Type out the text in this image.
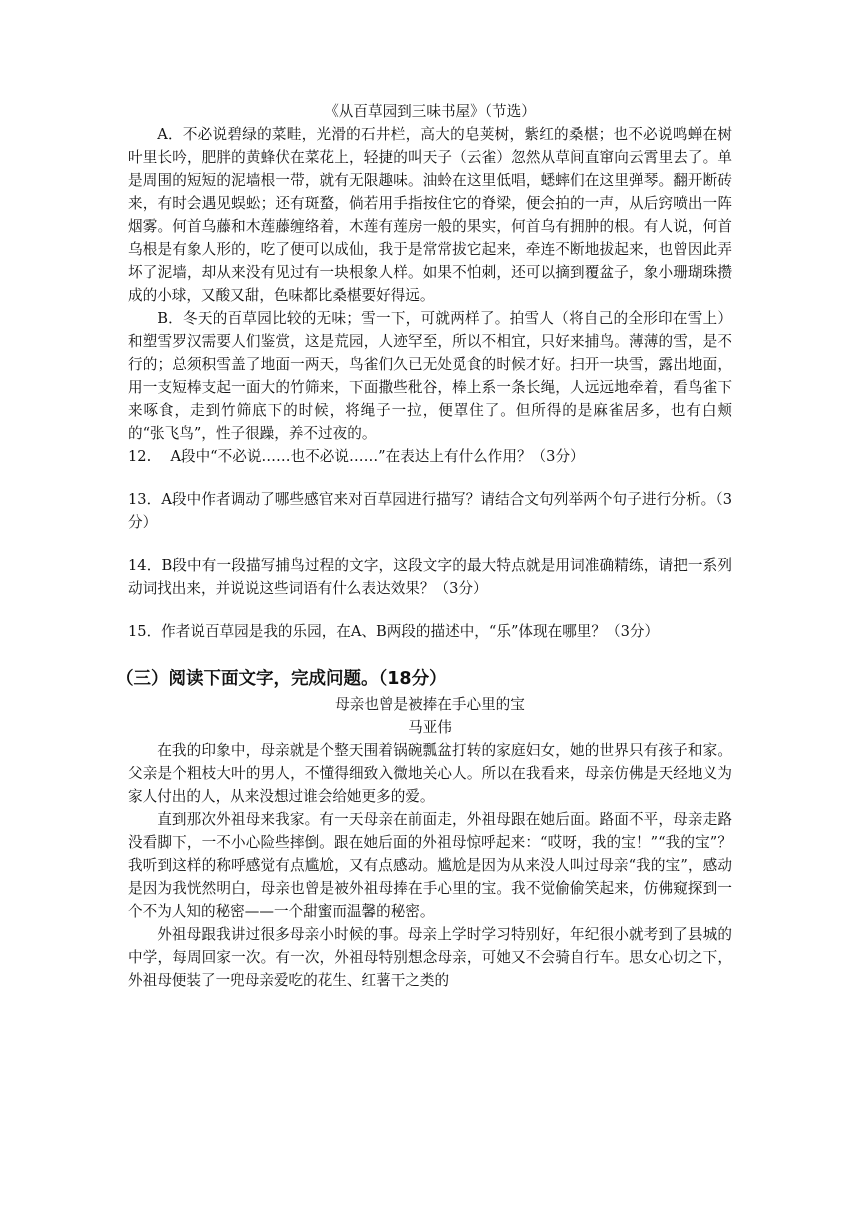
《从百草园到三味书屋》（节选）

A．不必说碧绿的菜畦，光滑的石井栏，高大的皂荚树，紫红的桑椹；也不必说鸣蝉在树叶里长吟，肥胖的黄蜂伏在菜花上，轻捷的叫天子（云雀）忽然从草间直窜向云霄里去了。单是周围的短短的泥墙根一带，就有无限趣味。油蛉在这里低唱，蟋蟀们在这里弹琴。翻开断砖来，有时会遇见蜈蚣；还有斑蝥，倘若用手指按住它的脊梁，便会拍的一声，从后窍喷出一阵烟雾。何首乌藤和木莲藤缠络着，木莲有莲房一般的果实，何首乌有拥肿的根。有人说，何首乌根是有象人形的，吃了便可以成仙，我于是常常拔它起来，牵连不断地拔起来，也曾因此弄坏了泥墙，却从来没有见过有一块根象人样。如果不怕刺，还可以摘到覆盆子，象小珊瑚珠攒成的小球，又酸又甜，色味都比桑椹要好得远。

B．冬天的百草园比较的无味；雪一下，可就两样了。拍雪人（将自己的全形印在雪上）和塑雪罗汉需要人们鉴赏，这是荒园，人迹罕至，所以不相宜，只好来捕鸟。薄薄的雪，是不行的；总须积雪盖了地面一两天，鸟雀们久已无处觅食的时候才好。扫开一块雪，露出地面，用一支短棒支起一面大的竹筛来，下面撒些秕谷，棒上系一条长绳，人远远地牵着，看鸟雀下来啄食，走到竹筛底下的时候，将绳子一拉，便罩住了。但所得的是麻雀居多，也有白颊的“张飞鸟”，性子很躁，养不过夜的。

12.　 A段中“不必说……也不必说……”在表达上有什么作用？（3分）

13．A段中作者调动了哪些感官来对百草园进行描写？请结合文句列举两个句子进行分析。（3分）

14．B段中有一段描写捕鸟过程的文字，这段文字的最大特点就是用词准确精练，请把一系列动词找出来，并说说这些词语有什么表达效果？（3分）

15．作者说百草园是我的乐园，在A、B两段的描述中，“乐”体现在哪里？（3分）

（三）阅读下面文字，完成问题。（18分）

母亲也曾是被捧在手心里的宝

马亚伟

在我的印象中，母亲就是个整天围着锅碗瓢盆打转的家庭妇女，她的世界只有孩子和家。父亲是个粗枝大叶的男人，不懂得细致入微地关心人。所以在我看来，母亲仿佛是天经地义为家人付出的人，从来没想过谁会给她更多的爱。

直到那次外祖母来我家。有一天母亲在前面走，外祖母跟在她后面。路面不平，母亲走路没看脚下，一不小心险些摔倒。跟在她后面的外祖母惊呼起来：“哎呀，我的宝！”“我的宝”？我听到这样的称呼感觉有点尴尬，又有点感动。尴尬是因为从来没人叫过母亲“我的宝”，感动是因为我恍然明白，母亲也曾是被外祖母捧在手心里的宝。我不觉偷偷笑起来，仿佛窥探到一个不为人知的秘密——一个甜蜜而温馨的秘密。

外祖母跟我讲过很多母亲小时候的事。母亲上学时学习特别好，年纪很小就考到了县城的中学，每周回家一次。有一次，外祖母特别想念母亲，可她又不会骑自行车。思女心切之下，外祖母便装了一兜母亲爱吃的花生、红薯干之类的
